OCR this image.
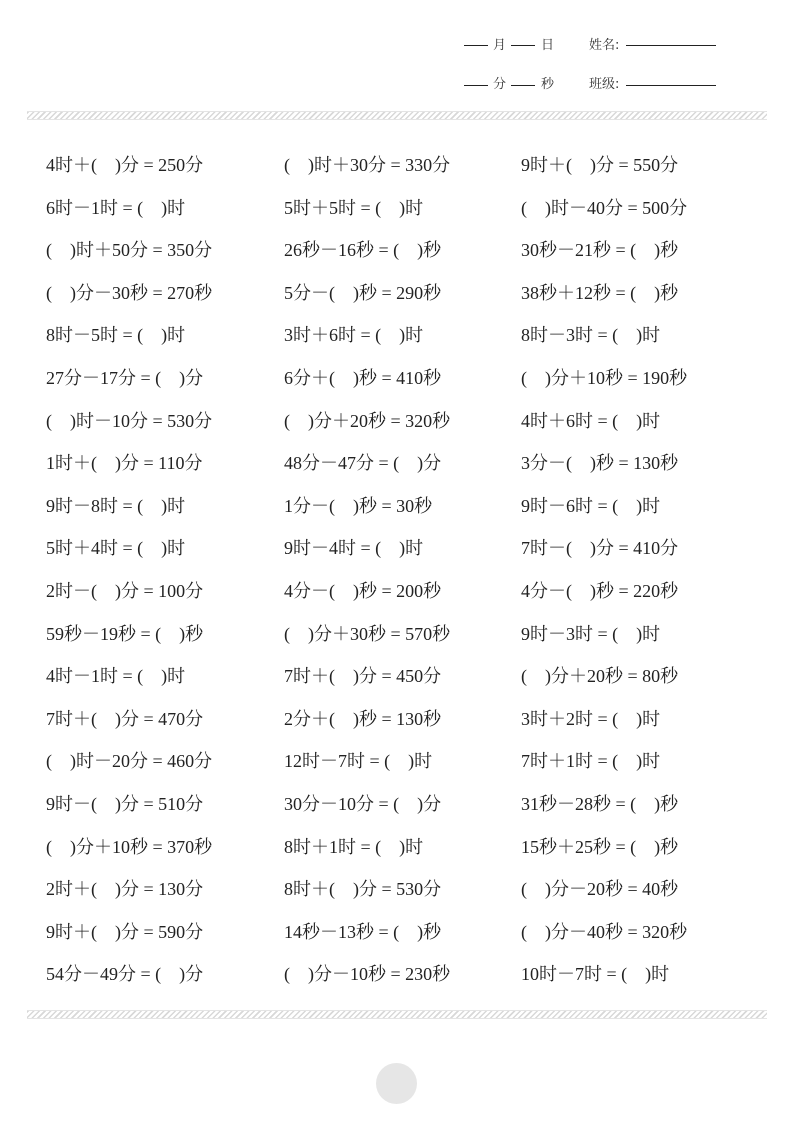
月	日	姓名:
分	秒	班级:
4时＋(　)分 = 250分	(　)时＋30分 = 330分	9时＋(　)分 = 550分
6时－1时 = (　)时	5时＋5时 = (　)时	(　)时－40分 = 500分
(　)时＋50分 = 350分	26秒－16秒 = (　)秒	30秒－21秒 = (　)秒
(　)分－30秒 = 270秒	5分－(　)秒 = 290秒	38秒＋12秒 = (　)秒
8时－5时 = (　)时	3时＋6时 = (　)时	8时－3时 = (　)时
27分－17分 = (　)分	6分＋(　)秒 = 410秒	(　)分＋10秒 = 190秒
(　)时－10分 = 530分	(　)分＋20秒 = 320秒	4时＋6时 = (　)时
1时＋(　)分 = 110分	48分－47分 = (　)分	3分－(　)秒 = 130秒
9时－8时 = (　)时	1分－(　)秒 = 30秒	9时－6时 = (　)时
5时＋4时 = (　)时	9时－4时 = (　)时	7时－(　)分 = 410分
2时－(　)分 = 100分	4分－(　)秒 = 200秒	4分－(　)秒 = 220秒
59秒－19秒 = (　)秒	(　)分＋30秒 = 570秒	9时－3时 = (　)时
4时－1时 = (　)时	7时＋(　)分 = 450分	(　)分＋20秒 = 80秒
7时＋(　)分 = 470分	2分＋(　)秒 = 130秒	3时＋2时 = (　)时
(　)时－20分 = 460分	12时－7时 = (　)时	7时＋1时 = (　)时
9时－(　)分 = 510分	30分－10分 = (　)分	31秒－28秒 = (　)秒
(　)分＋10秒 = 370秒	8时＋1时 = (　)时	15秒＋25秒 = (　)秒
2时＋(　)分 = 130分	8时＋(　)分 = 530分	(　)分－20秒 = 40秒
9时＋(　)分 = 590分	14秒－13秒 = (　)秒	(　)分－40秒 = 320秒
54分－49分 = (　)分	(　)分－10秒 = 230秒	10时－7时 = (　)时
